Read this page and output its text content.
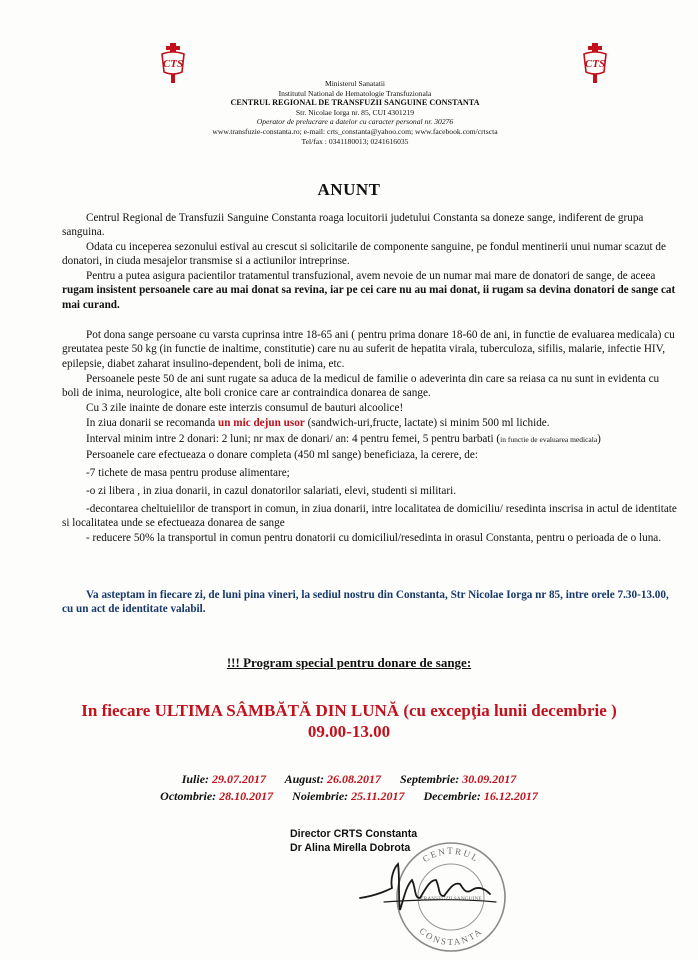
CTS	CTS
Ministerul Sanatatii
Institutul National de Hematologie Transfuzionala
CENTRUL REGIONAL DE TRANSFUZII SANGUINE CONSTANTA
Str. Nicolae Iorga nr. 85, CUI 4301219
Operator de prelucrare a datelor cu caracter personal nr. 30276
www.transfuzie-constanta.ro; e-mail: crts_constanta@yahoo.com; www.facebook.com/crtscta
Tel/fax : 0341180013; 0241616035
ANUNT

Centrul Regional de Transfuzii Sanguine Constanta roaga locuitorii judetului Constanta sa doneze sange, indiferent de grupa sanguina.

Odata cu inceperea sezonului estival au crescut si solicitarile de componente sanguine, pe fondul mentinerii unui numar scazut de donatori, in ciuda mesajelor transmise si a actiunilor intreprinse.

Pentru a putea asigura pacientilor tratamentul transfuzional, avem nevoie de un numar mai mare de donatori de sange, de aceea rugam insistent persoanele care au mai donat sa revina, iar pe cei care nu au mai donat, ii rugam sa devina donatori de sange cat mai curand.

Pot dona sange persoane cu varsta cuprinsa intre 18-65 ani ( pentru prima donare 18-60 de ani, in functie de evaluarea medicala) cu greutatea peste 50 kg (in functie de inaltime, constitutie) care nu au suferit de hepatita virala, tuberculoza, sifilis, malarie, infectie HIV, epilepsie, diabet zaharat insulino-dependent, boli de inima, etc.

Persoanele peste 50 de ani sunt rugate sa aduca de la medicul de familie o adeverinta din care sa reiasa ca nu sunt in evidenta cu boli de inima, neurologice, alte boli cronice care ar contraindica donarea de sange.

Cu 3 zile inainte de donare este interzis consumul de bauturi alcoolice!

In ziua donarii se recomanda un mic dejun usor (sandwich-uri,fructe, lactate) si minim 500 ml lichide.

Interval minim intre 2 donari: 2 luni; nr max de donari/ an: 4 pentru femei, 5 pentru barbati (in functie de evaluarea medicala)

Persoanele care efectueaza o donare completa (450 ml sange) beneficiaza, la cerere, de:

-7 tichete de masa pentru produse alimentare;

-o zi libera , in ziua donarii, in cazul donatorilor salariati, elevi, studenti si militari.

-decontarea cheltuielilor de transport in comun, in ziua donarii, intre localitatea de domiciliu/ resedinta inscrisa in actul de identitate si localitatea unde se efectueaza donarea de sange

- reducere 50% la transportul in comun pentru donatorii cu domiciliul/resedinta in orasul Constanta, pentru o perioada de o luna.

Va asteptam in fiecare zi, de luni pina vineri, la sediul nostru din Constanta, Str Nicolae Iorga nr 85, intre orele 7.30-13.00, cu un act de identitate valabil.

!!! Program special pentru donare de sange:
In fiecare ULTIMA SÂMBĂTĂ DIN LUNĂ (cu excepţia lunii decembrie )
09.00-13.00
Iulie: 29.07.2017 August: 26.08.2017 Septembrie: 30.09.2017
Octombrie: 28.10.2017 Noiembrie: 25.11.2017 Decembrie: 16.12.2017
Director CRTS Constanta
Dr Alina Mirella Dobrota
CENTRUL
TRANSFUZII SANGUINE
CONSTANTA
